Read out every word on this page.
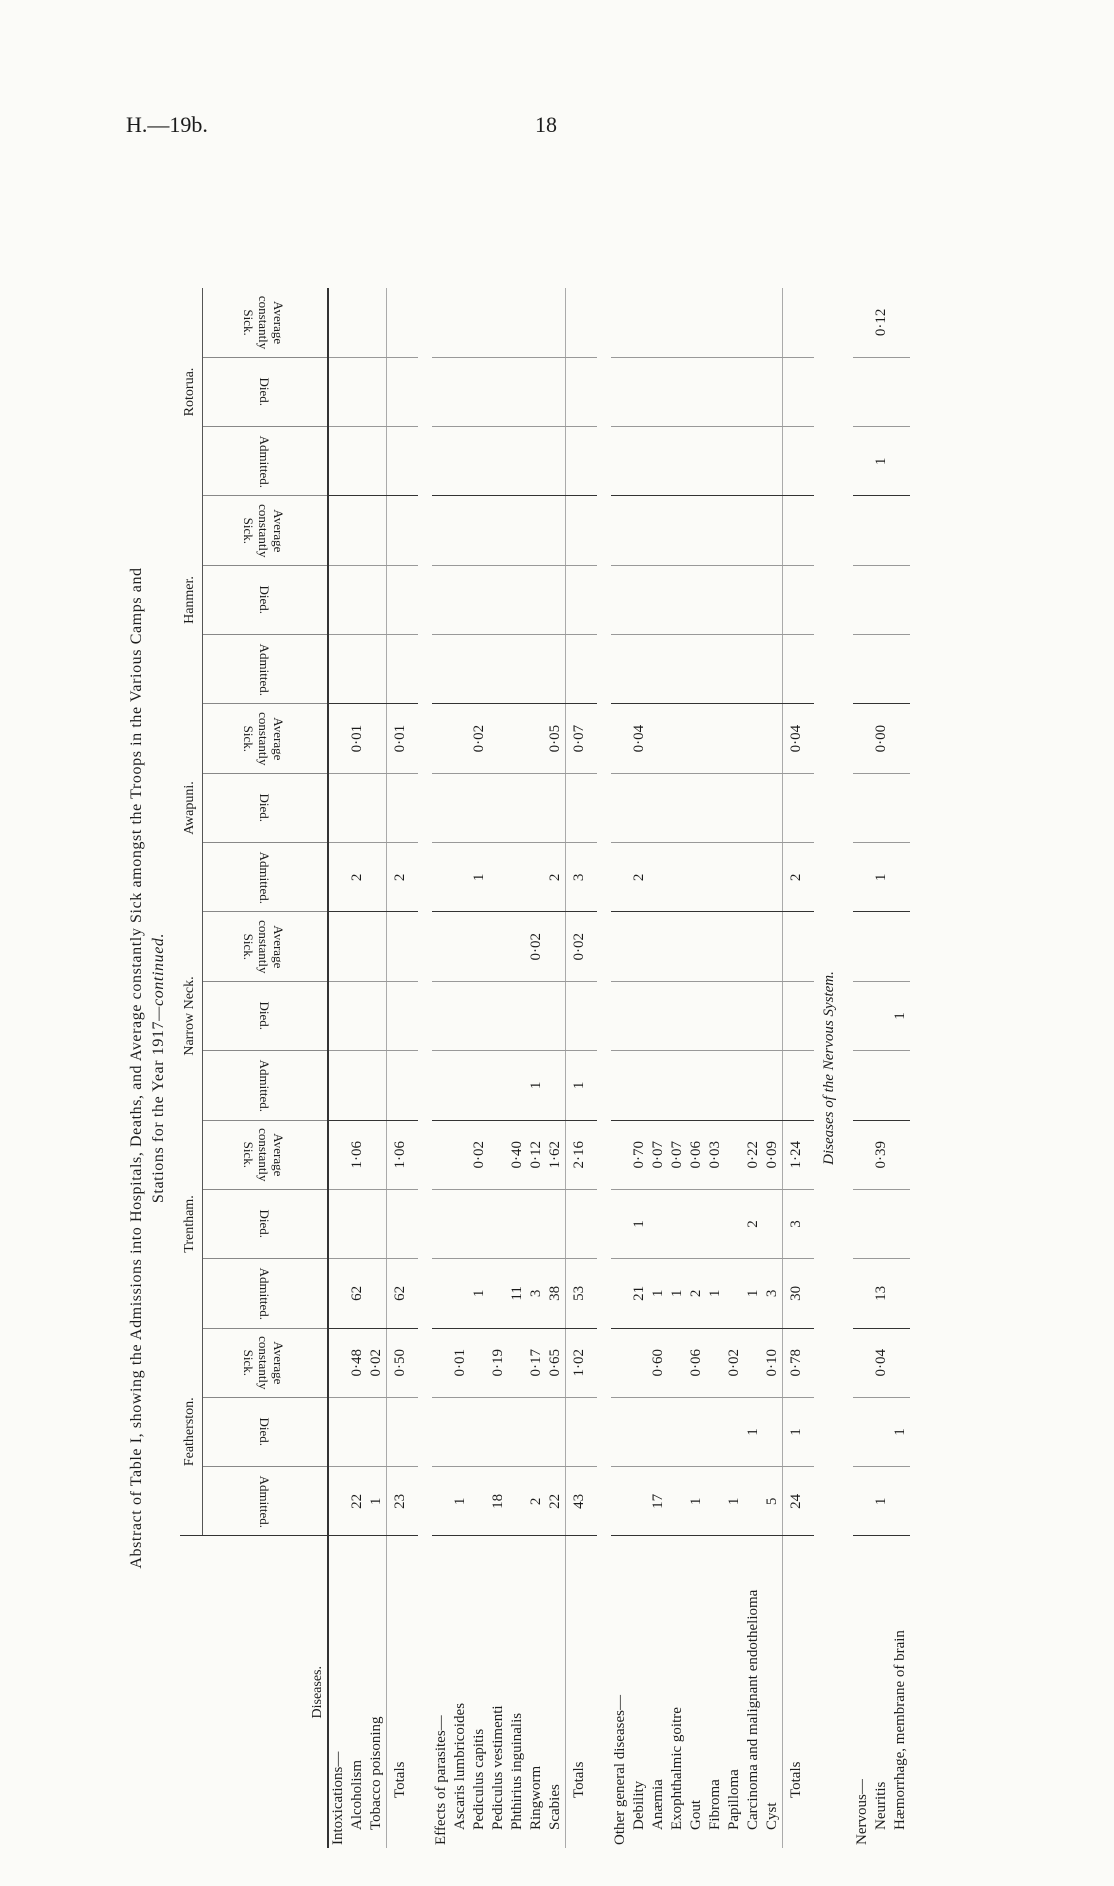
H.—19b.	18
Abstract of Table I, showing the Admissions into Hospitals, Deaths, and Average constantly Sick amongst the Troops in the Various Camps and Stations for the Year 1917—continued.
Diseases.	Featherston.			Trentham.			Narrow Neck.			Awapuni.			Hanmer.			Rotorua.		
	Admitted.	Died.	Average constantly Sick.	Admitted.	Died.	Average constantly Sick.	Admitted.	Died.	Average constantly Sick.	Admitted.	Died.	Average constantly Sick.	Admitted.	Died.	Average constantly Sick.	Admitted.	Died.	Average constantly Sick.
Intoxications—																		
Alcoholism	22		0·48	62		1·06				2		0·01						
Tobacco poisoning	1		0·02															
Totals	23		0·50	62		1·06				2		0·01						

Effects of parasites—																		
Ascaris lumbricoides	1		0·01															
Pediculus capitis				1		0·02				1		0·02						
Pediculus vestimenti	18		0·19															
Phthirius inguinalis				11		0·40												
Ringworm	2		0·17	3		0·12	1		0·02									
Scabies	22		0·65	38		1·62				2		0·05						
Totals	43		1·02	53		2·16	1		0·02	3		0·07						

Other general diseases—																		
Debility				21	1	0·70				2		0·04						
Anæmia	17		0·60	1		0·07												
Exophthalmic goitre				1		0·07												
Gout	1		0·06	2		0·06												
Fibroma				1		0·03												
Papilloma	1		0·02															
Carcinoma and malignant endothelioma		1		1	2	0·22												
Cyst	5		0·10	3		0·09												
Totals	24	1	0·78	30	3	1·24				2		0·04						
Diseases of the Nervous System.																		

Nervous—																		
Neuritis	1		0·04	13		0·39				1		0·00				1		0·12
Hæmorrhage, membrane of brain		1						1										
